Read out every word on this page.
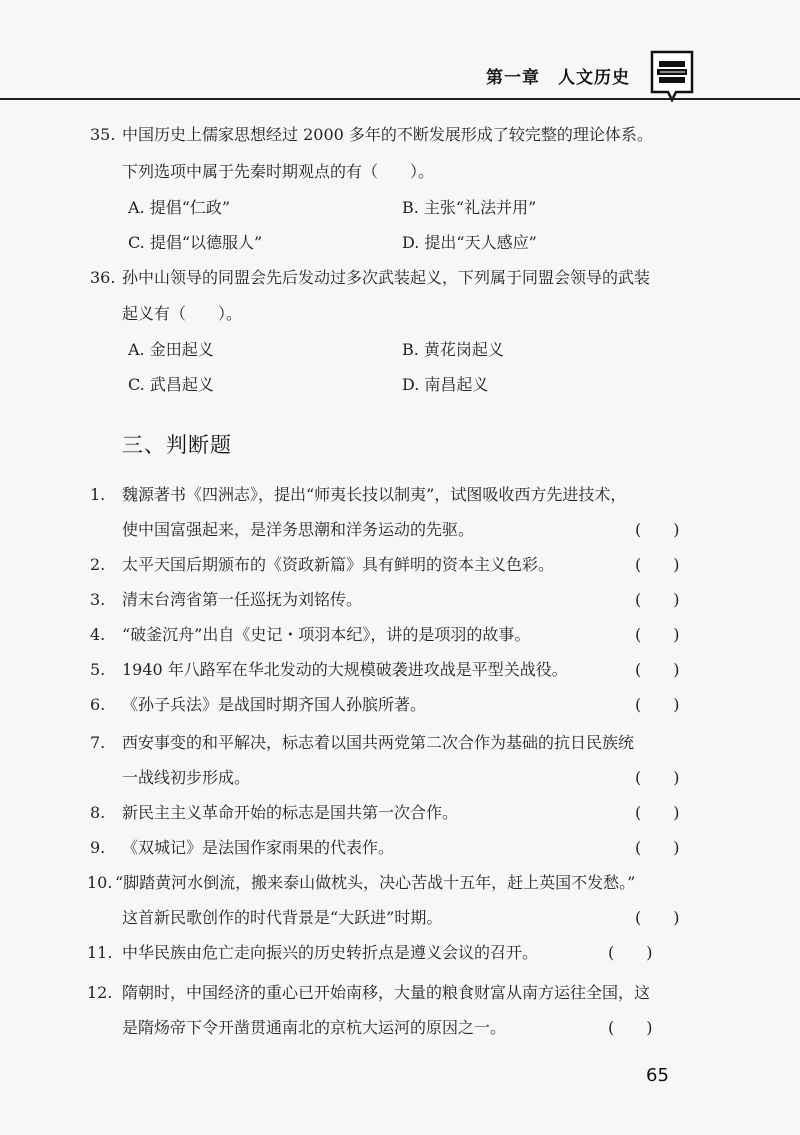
第一章 人文历史
35. 中国历史上儒家思想经过 2000 多年的不断发展形成了较完整的理论体系。
下列选项中属于先秦时期观点的有（　　）。
A. 提倡“仁政”	B. 主张“礼法并用”
C. 提倡“以德服人”	D. 提出“天人感应”
36. 孙中山领导的同盟会先后发动过多次武装起义，下列属于同盟会领导的武装
起义有（　　）。
A. 金田起义	B. 黄花岗起义
C. 武昌起义	D. 南昌起义
三、判断题
1. 魏源著书《四洲志》，提出“师夷长技以制夷”，试图吸收西方先进技术，
使中国富强起来，是洋务思潮和洋务运动的先驱。	(　　)
2. 太平天国后期颁布的《资政新篇》具有鲜明的资本主义色彩。	(　　)
3. 清末台湾省第一任巡抚为刘铭传。	(　　)
4. “破釜沉舟”出自《史记・项羽本纪》，讲的是项羽的故事。	(　　)
5. 1940 年八路军在华北发动的大规模破袭进攻战是平型关战役。	(　　)
6. 《孙子兵法》是战国时期齐国人孙膑所著。	(　　)
7. 西安事变的和平解决，标志着以国共两党第二次合作为基础的抗日民族统
一战线初步形成。	(　　)
8. 新民主主义革命开始的标志是国共第一次合作。	(　　)
9. 《双城记》是法国作家雨果的代表作。	(　　)
10. “脚踏黄河水倒流，搬来泰山做枕头，决心苦战十五年，赶上英国不发愁。”
这首新民歌创作的时代背景是“大跃进”时期。	(　　)
11. 中华民族由危亡走向振兴的历史转折点是遵义会议的召开。	(　　)
12. 隋朝时，中国经济的重心已开始南移，大量的粮食财富从南方运往全国，这
是隋炀帝下令开凿贯通南北的京杭大运河的原因之一。	(　　)
65
